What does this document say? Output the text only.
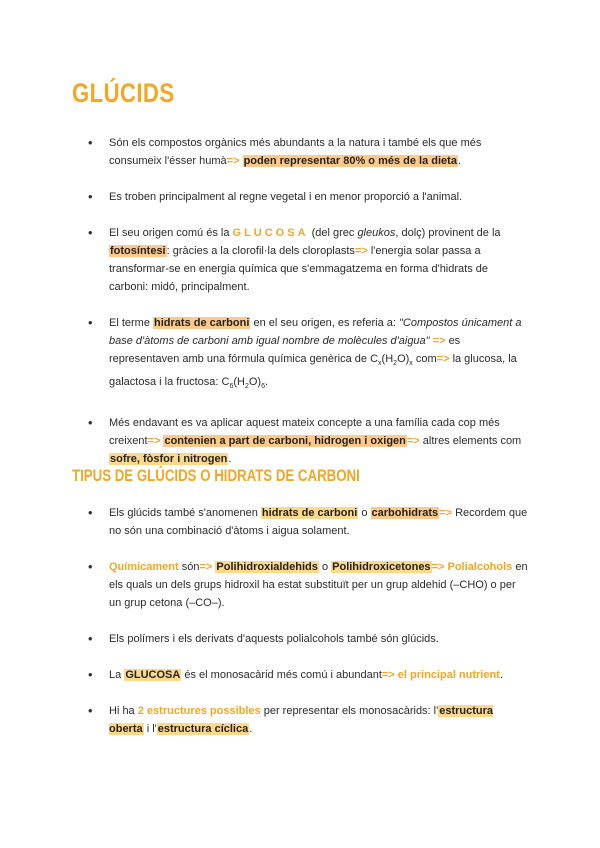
GLÚCIDS
• Són els compostos orgànics més abundants a la natura i també els que més consumeix l'ésser humà=> poden representar 80% o més de la dieta.
• Es troben principalment al regne vegetal i en menor proporció a l'animal.
• El seu origen comú és la GLUCOSA (del grec gleukos, dolç) provinent de la fotosíntesi: gràcies a la clorofil·la dels cloroplasts=> l'energia solar passa a transformar-se en energia química que s'emmagatzema en forma d'hidrats de carboni: midó, principalment.
• El terme hidrats de carboni en el seu origen, es referia a: "Compostos únicament a base d'àtoms de carboni amb igual nombre de molècules d'aigua" => es representaven amb una fórmula química genèrica de $C_x(H_2O)_x$ com=> la glucosa, la galactosa i la fructosa: $C_6(H_2O)_6$.
• Més endavant es va aplicar aquest mateix concepte a una família cada cop més creixent=> contenien a part de carboni, hidrogen i oxigen=> altres elements com sofre, fòsfor i nitrogen.
TIPUS DE GLÚCIDS O HIDRATS DE CARBONI
• Els glúcids també s'anomenen hidrats de carboni o carbohidrats=> Recordem que no són una combinació d'àtoms i aigua solament.
• Químicament són=> Polihidroxialdehids o Polihidroxicetones=> Polialcohols en els quals un dels grups hidroxil ha estat substituït per un grup aldehid (–CHO) o per un grup cetona (–CO–).
• Els polímers i els derivats d'aquests polialcohols també són glúcids.
• La GLUCOSA és el monosacàrid més comú i abundant=> el principal nutrient.
• Hi ha 2 estructures possibles per representar els monosacàrids: l'estructura oberta i l'estructura cíclica.
